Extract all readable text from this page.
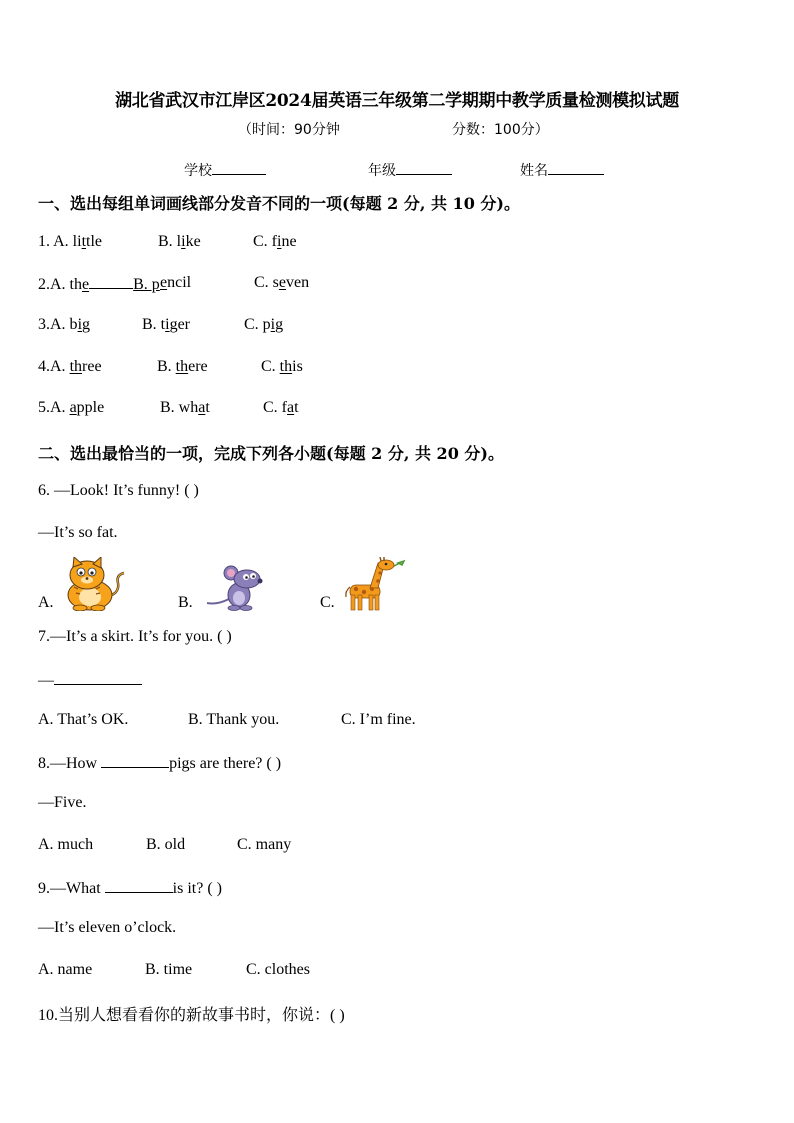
湖北省武汉市江岸区2024届英语三年级第二学期期中教学质量检测模拟试题
（时间：90分钟	分数：100分）
学校	年级	姓名
一、选出每组单词画线部分发音不同的一项(每题 2 分, 共 10 分)。
1. A. little	B. like	C. fine
2.A. the	B. p encil	C. seven
3.A. big	B. tiger	C. pig
4.A. three	B. there	C. this
5.A. apple	B. what	C. fat
二、选出最恰当的一项，完成下列各小题(每题 2 分, 共 20 分)。
6. —Look! It’s funny! ( )
—It’s so fat.
A.	B.	C.
7.—It’s a skirt. It’s for you. ( )
—
A. That’s OK.	B. Thank you.	C. I’m fine.
8.—How	pigs are there? ( )
—Five.
A. much	B. old	C. many
9.—What	is it? ( )
—It’s eleven o’clock.
A. name	B. time	C. clothes
10.当别人想看看你的新故事书时，你说：( )
